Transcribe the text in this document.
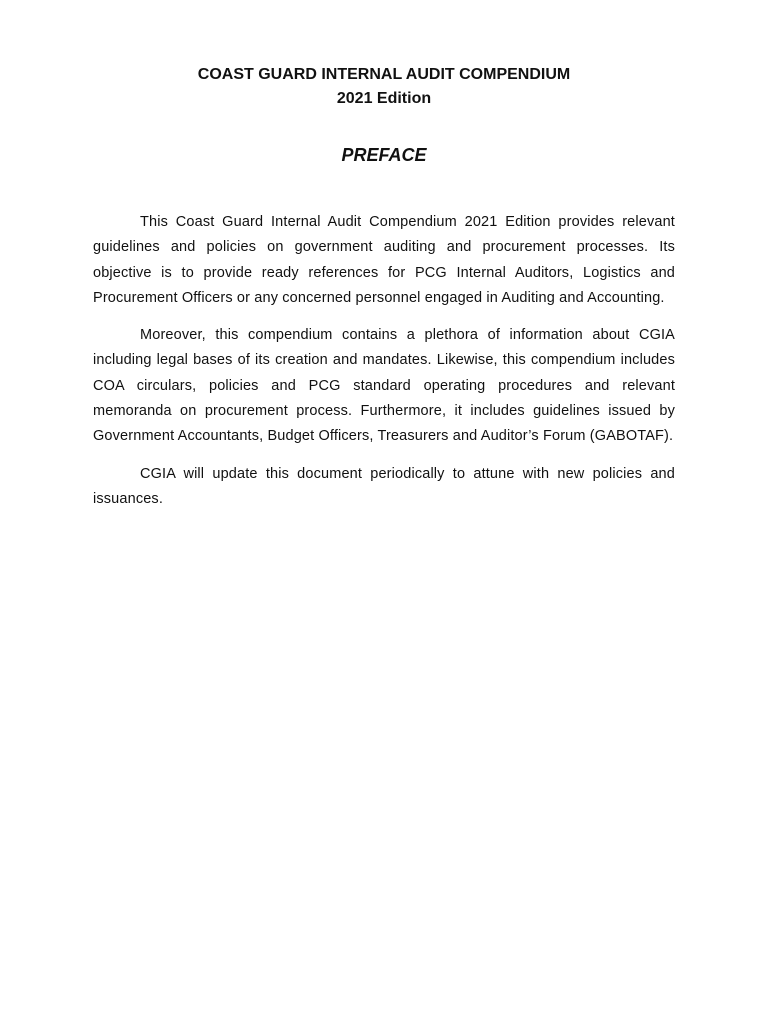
COAST GUARD INTERNAL AUDIT COMPENDIUM
2021 Edition
PREFACE

This Coast Guard Internal Audit Compendium 2021 Edition provides relevant guidelines and policies on government auditing and procurement processes. Its objective is to provide ready references for PCG Internal Auditors, Logistics and Procurement Officers or any concerned personnel engaged in Auditing and Accounting.

Moreover, this compendium contains a plethora of information about CGIA including legal bases of its creation and mandates. Likewise, this compendium includes COA circulars, policies and PCG standard operating procedures and relevant memoranda on procurement process. Furthermore, it includes guidelines issued by Government Accountants, Budget Officers, Treasurers and Auditor’s Forum (GABOTAF).

CGIA will update this document periodically to attune with new policies and issuances.
